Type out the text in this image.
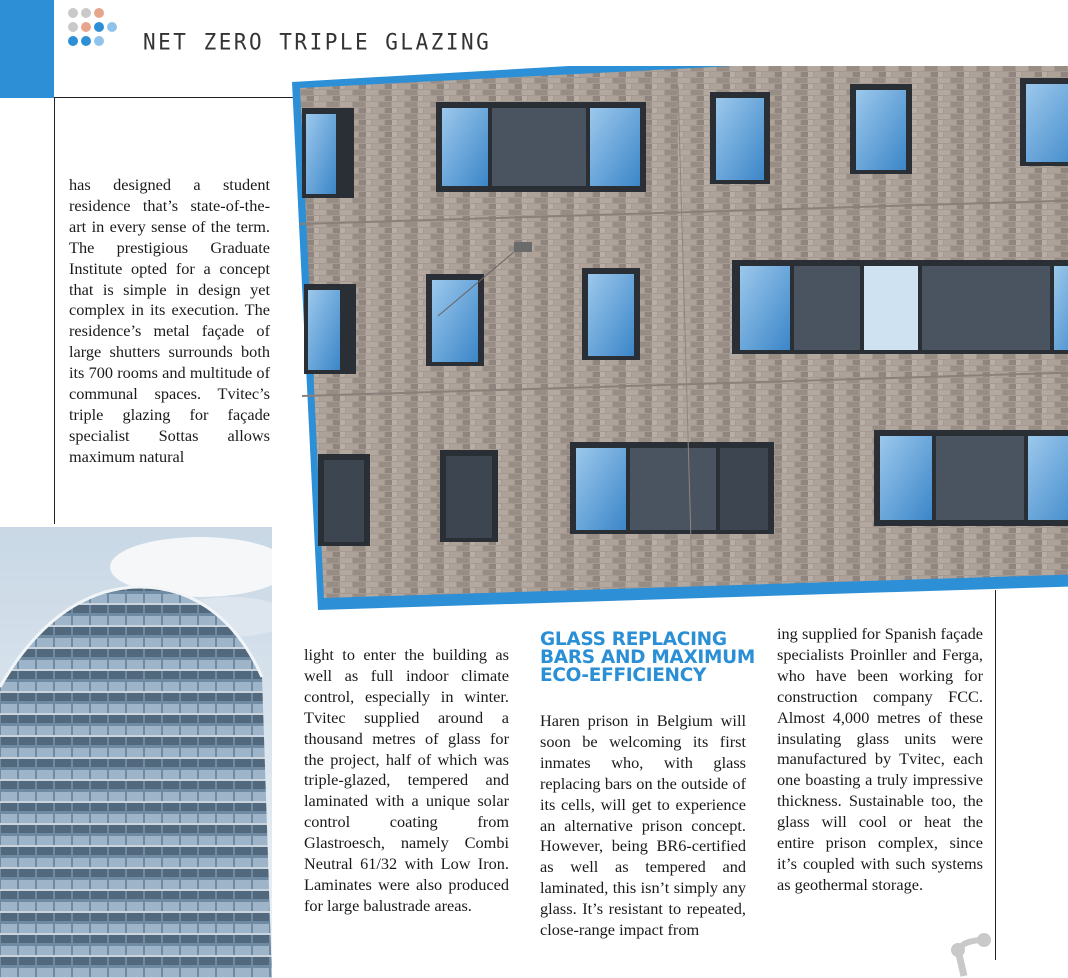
NET ZERO TRIPLE GLAZING

has designed a student residence that’s state-of-the-art in every sense of the term. The prestigious Graduate Institute opted for a concept that is simple in design yet complex in its execution. The residence’s metal façade of large shutters surrounds both its 700 rooms and multitude of communal spaces. Tvitec’s triple glazing for façade specialist Sottas allows maximum natural

light to enter the building as well as full indoor climate control, especially in winter. Tvitec supplied around a thousand metres of glass for the project, half of which was triple-glazed, tempered and laminated with a unique solar control coating from Glastroesch, namely Combi Neutral 61/32 with Low Iron. Laminates were also produced for large balustrade areas.

GLASS REPLACING BARS AND MAXIMUM ECO-EFFICIENCY

Haren prison in Belgium will soon be welcoming its first inmates who, with glass replacing bars on the outside of its cells, will get to experience an alternative prison concept. However, being BR6-certified as well as tempered and laminated, this isn’t simply any glass. It’s resistant to repeated, close-range impact from

ing supplied for Spanish façade specialists Proinller and Ferga, who have been working for construction company FCC. Almost 4,000 metres of these insulating glass units were manufactured by Tvitec, each one boasting a truly impressive thickness. Sustainable too, the glass will cool or heat the entire prison complex, since it’s coupled with such systems as geothermal storage.
